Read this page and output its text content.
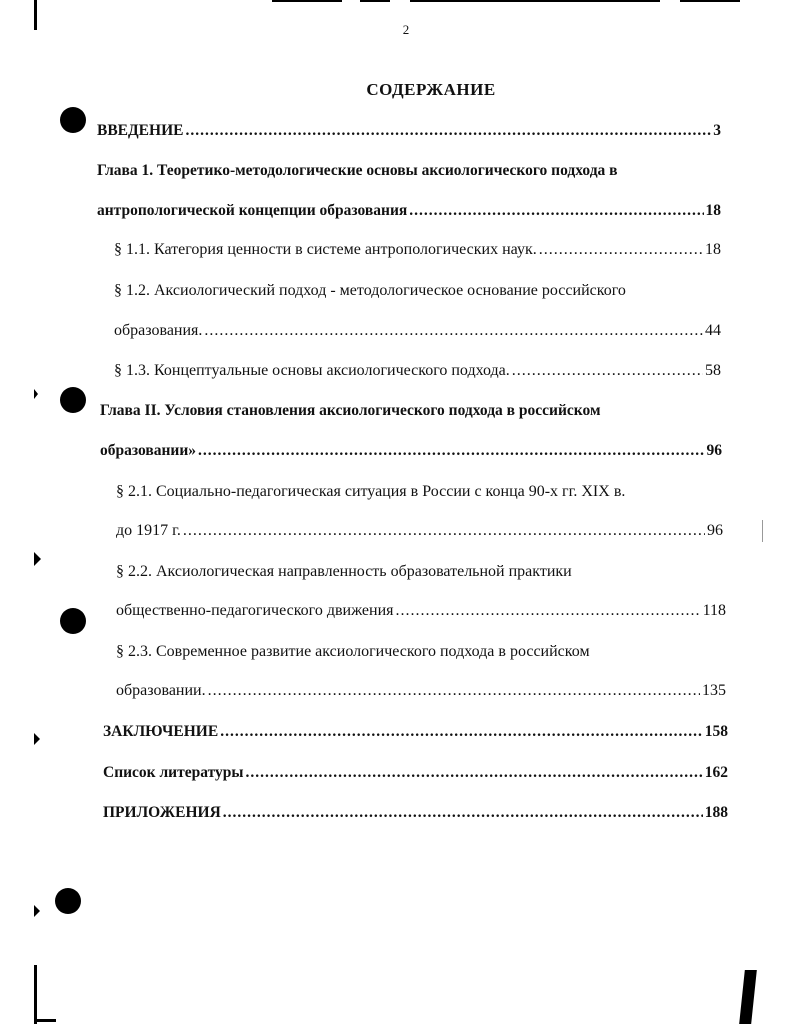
2
СОДЕРЖАНИЕ
ВВЕДЕНИЕ .....	3
Глава 1. Теоретико-методологические основы аксиологического подхода в
антропологической концепции образования .....	18
§ 1.1. Категория ценности в системе антропологических наук. .....	18
§ 1.2. Аксиологический подход - методологическое основание российского
образования. .....	44
§ 1.3. Концептуальные основы аксиологического подхода. .....	58
Глава II. Условия становления аксиологического подхода в российском
образовании» .....	96
§ 2.1. Социально-педагогическая ситуация в России с конца 90-х гг. XIX в.
до 1917 г. .....	96
§ 2.2. Аксиологическая направленность образовательной практики
общественно-педагогического движения .....	118
§ 2.3. Современное развитие аксиологического подхода в российском
образовании. .....	135
ЗАКЛЮЧЕНИЕ .....	158
Список литературы .....	162
ПРИЛОЖЕНИЯ .....	188
